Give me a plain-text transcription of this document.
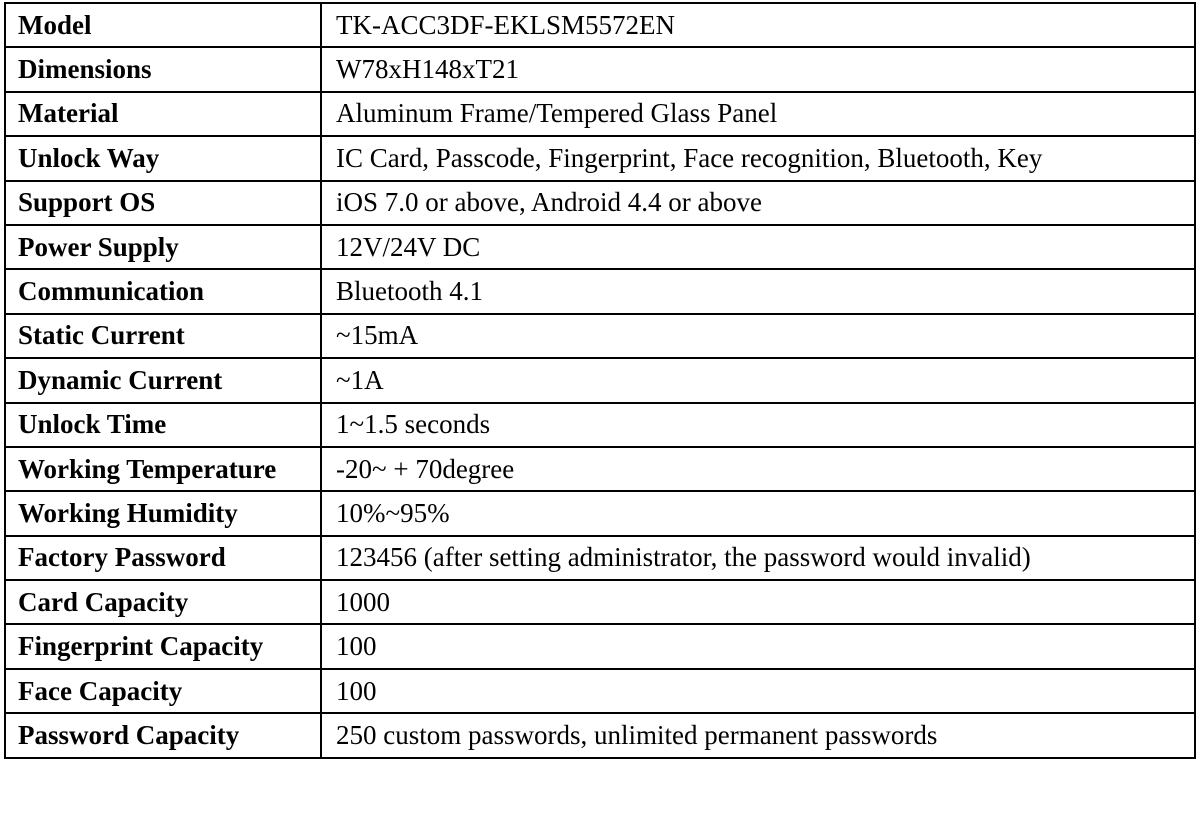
Model	TK-ACC3DF-EKLSM5572EN
Dimensions	W78xH148xT21
Material	Aluminum Frame/Tempered Glass Panel
Unlock Way	IC Card, Passcode, Fingerprint, Face recognition, Bluetooth, Key
Support OS	iOS 7.0 or above, Android 4.4 or above
Power Supply	12V/24V DC
Communication	Bluetooth 4.1
Static Current	~15mA
Dynamic Current	~1A
Unlock Time	1~1.5 seconds
Working Temperature	-20~ + 70degree
Working Humidity	10%~95%
Factory Password	123456 (after setting administrator, the password would invalid)
Card Capacity	1000
Fingerprint Capacity	100
Face Capacity	100
Password Capacity	250 custom passwords, unlimited permanent passwords
